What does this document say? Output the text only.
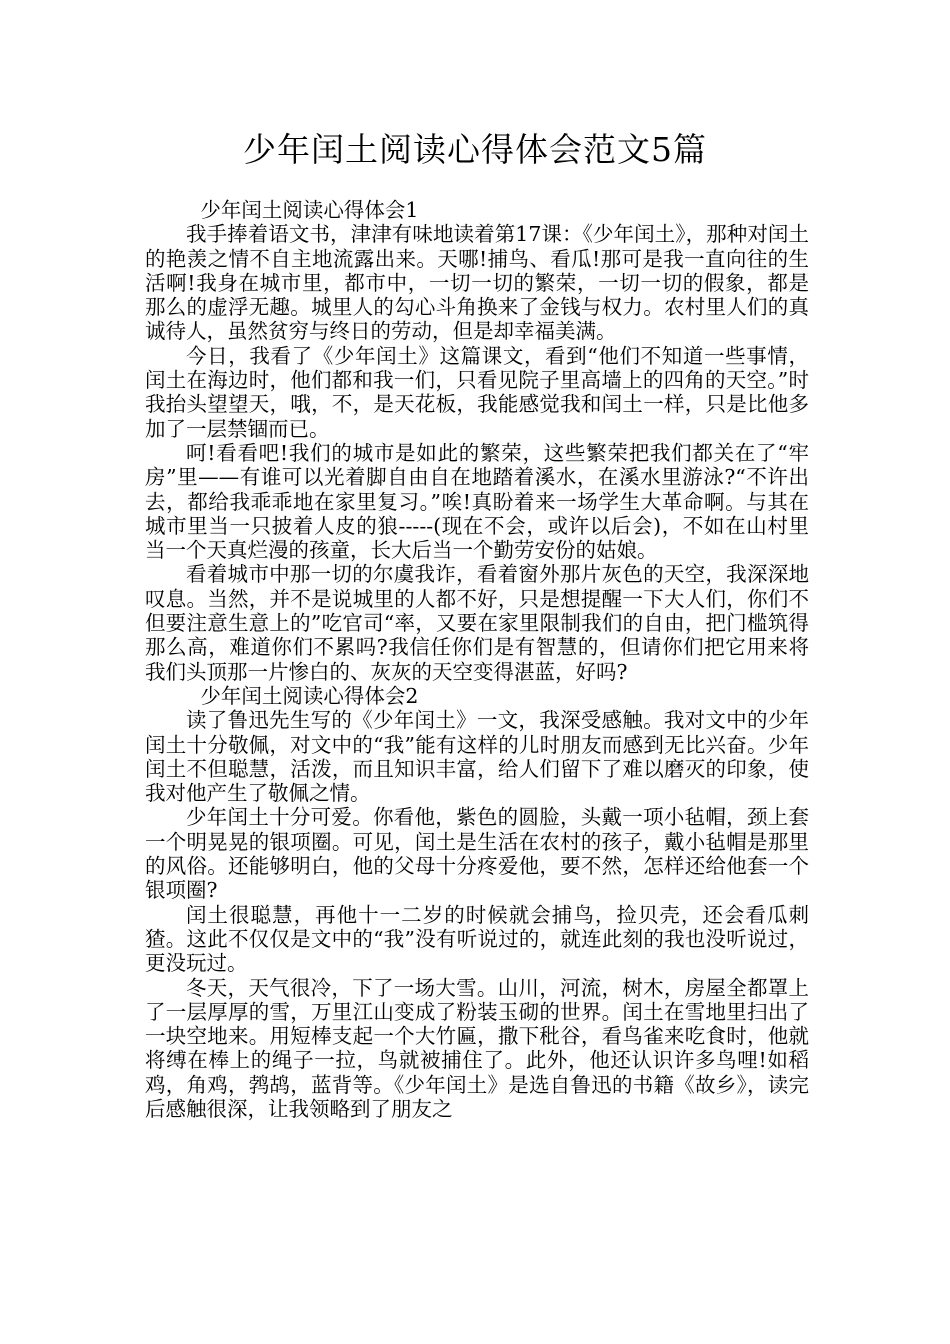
少年闰土阅读心得体会范文5篇

少年闰土阅读心得体会1

我手捧着语文书，津津有味地读着第17课：《少年闰土》，那种对闰土的艳羡之情不自主地流露出来。天哪!捕鸟、看瓜!那可是我一直向往的生活啊!我身在城市里，都市中，一切一切的繁荣，一切一切的假象，都是那么的虚浮无趣。城里人的勾心斗角换来了金钱与权力。农村里人们的真诚待人，虽然贫穷与终日的劳动，但是却幸福美满。

今日，我看了《少年闰土》这篇课文，看到“他们不知道一些事情，闰土在海边时，他们都和我一们，只看见院子里高墙上的四角的天空。”时我抬头望望天，哦，不，是天花板，我能感觉我和闰土一样，只是比他多加了一层禁锢而已。

呵!看看吧!我们的城市是如此的繁荣，这些繁荣把我们都关在了“牢房”里——有谁可以光着脚自由自在地踏着溪水，在溪水里游泳?“不许出去，都给我乖乖地在家里复习。”唉!真盼着来一场学生大革命啊。与其在城市里当一只披着人皮的狼-----(现在不会，或许以后会)，不如在山村里当一个天真烂漫的孩童，长大后当一个勤劳安份的姑娘。

看着城市中那一切的尔虞我诈，看着窗外那片灰色的天空，我深深地叹息。当然，并不是说城里的人都不好，只是想提醒一下大人们，你们不但要注意生意上的”吃官司“率，又要在家里限制我们的自由，把门槛筑得那么高，难道你们不累吗?我信任你们是有智慧的，但请你们把它用来将我们头顶那一片惨白的、灰灰的天空变得湛蓝，好吗?

少年闰土阅读心得体会2

读了鲁迅先生写的《少年闰土》一文，我深受感触。我对文中的少年闰土十分敬佩，对文中的“我”能有这样的儿时朋友而感到无比兴奋。少年闰土不但聪慧，活泼，而且知识丰富，给人们留下了难以磨灭的印象，使我对他产生了敬佩之情。

少年闰土十分可爱。你看他，紫色的圆脸，头戴一项小毡帽，颈上套一个明晃晃的银项圈。可见，闰土是生活在农村的孩子，戴小毡帽是那里的风俗。还能够明白，他的父母十分疼爱他，要不然，怎样还给他套一个银项圈?

闰土很聪慧，再他十一二岁的时候就会捕鸟，捡贝壳，还会看瓜刺猹。这此不仅仅是文中的“我”没有听说过的，就连此刻的我也没听说过，更没玩过。

冬天，天气很冷，下了一场大雪。山川，河流，树木，房屋全都罩上了一层厚厚的雪，万里江山变成了粉装玉砌的世界。闰土在雪地里扫出了一块空地来。用短棒支起一个大竹匾，撒下秕谷，看鸟雀来吃食时，他就将缚在棒上的绳子一拉，鸟就被捕住了。此外，他还认识许多鸟哩!如稻鸡，角鸡，鹁鸪，蓝背等。《少年闰土》是选自鲁迅的书籍《故乡》，读完后感触很深，让我领略到了朋友之
